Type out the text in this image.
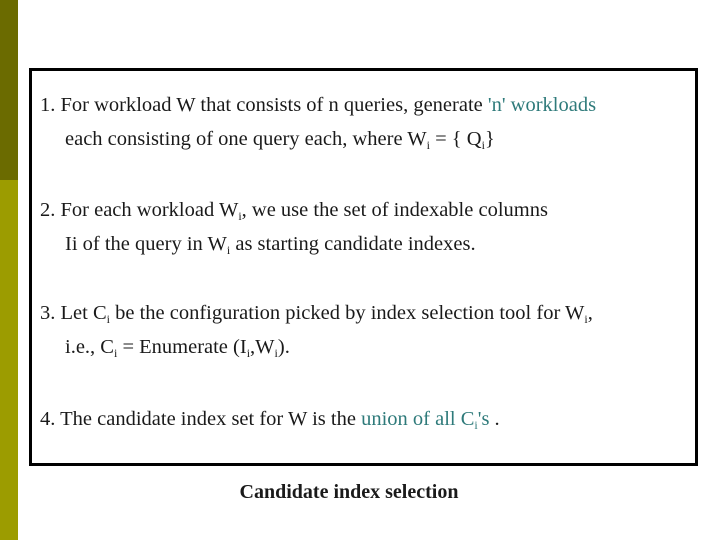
1. For workload W that consists of n queries, generate 'n' workloads
each consisting of one query each, where $W_i$ = { $Q_i$}
2. For each workload $W_i$, we use the set of indexable columns
Ii of the query in $W_i$ as starting candidate indexes.
3. Let $C_i$ be the configuration picked by index selection tool for $W_i$,
i.e., $C_i$ = Enumerate $(I_i,W_i)$.
4. The candidate index set for W is the union of all $C_i's$ .
Candidate index selection
